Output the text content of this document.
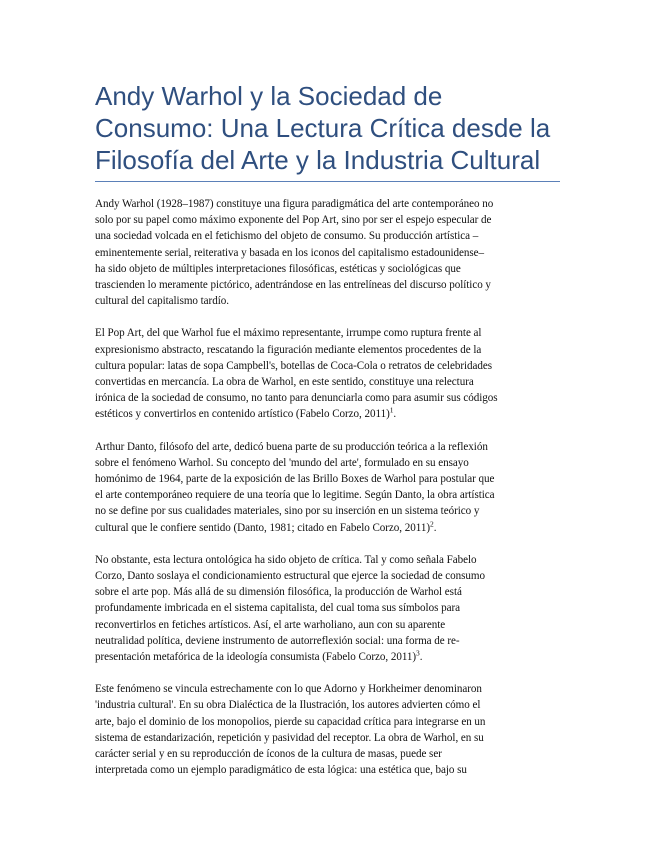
Andy Warhol y la Sociedad de
Consumo: Una Lectura Crítica desde la
Filosofía del Arte y la Industria Cultural

Andy Warhol (1928–1987) constituye una figura paradigmática del arte contemporáneo no
solo por su papel como máximo exponente del Pop Art, sino por ser el espejo especular de
una sociedad volcada en el fetichismo del objeto de consumo. Su producción artística –
eminentemente serial, reiterativa y basada en los iconos del capitalismo estadounidense–
ha sido objeto de múltiples interpretaciones filosóficas, estéticas y sociológicas que
trascienden lo meramente pictórico, adentrándose en las entrelíneas del discurso político y
cultural del capitalismo tardío.

El Pop Art, del que Warhol fue el máximo representante, irrumpe como ruptura frente al
expresionismo abstracto, rescatando la figuración mediante elementos procedentes de la
cultura popular: latas de sopa Campbell's, botellas de Coca-Cola o retratos de celebridades
convertidas en mercancía. La obra de Warhol, en este sentido, constituye una relectura
irónica de la sociedad de consumo, no tanto para denunciarla como para asumir sus códigos
estéticos y convertirlos en contenido artístico (Fabelo Corzo, 2011)$^1$.

Arthur Danto, filósofo del arte, dedicó buena parte de su producción teórica a la reflexión
sobre el fenómeno Warhol. Su concepto del 'mundo del arte', formulado en su ensayo
homónimo de 1964, parte de la exposición de las Brillo Boxes de Warhol para postular que
el arte contemporáneo requiere de una teoría que lo legitime. Según Danto, la obra artística
no se define por sus cualidades materiales, sino por su inserción en un sistema teórico y
cultural que le confiere sentido (Danto, 1981; citado en Fabelo Corzo, 2011)$^2$.

No obstante, esta lectura ontológica ha sido objeto de crítica. Tal y como señala Fabelo
Corzo, Danto soslaya el condicionamiento estructural que ejerce la sociedad de consumo
sobre el arte pop. Más allá de su dimensión filosófica, la producción de Warhol está
profundamente imbricada en el sistema capitalista, del cual toma sus símbolos para
reconvertirlos en fetiches artísticos. Así, el arte warholiano, aun con su aparente
neutralidad política, deviene instrumento de autorreflexión social: una forma de re-
presentación metafórica de la ideología consumista (Fabelo Corzo, 2011)$^3$.

Este fenómeno se vincula estrechamente con lo que Adorno y Horkheimer denominaron
'industria cultural'. En su obra Dialéctica de la Ilustración, los autores advierten cómo el
arte, bajo el dominio de los monopolios, pierde su capacidad crítica para integrarse en un
sistema de estandarización, repetición y pasividad del receptor. La obra de Warhol, en su
carácter serial y en su reproducción de íconos de la cultura de masas, puede ser
interpretada como un ejemplo paradigmático de esta lógica: una estética que, bajo su
